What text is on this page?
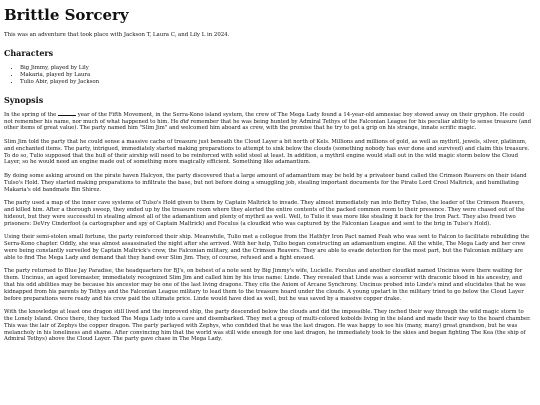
Brittle Sorcery

This was an adventure that took place with Jackson T, Laura C, and Lily L in 2024.

Characters
• Big Jimmy, played by Lily
• Makaria, played by Laura
• Tulio Abir, played by Jackson
Synopsis

In the spring of the	year of the Fifth Movement, in the Serra-Kono island system, the crew of The Mega Lady found a 14-year-old amnesiac boy stowed away on their gryphon. He could not remember his name, nor much of what happened to him. He did remember that he was being hunted by Admiral Tethys of the Falconian League for his peculiar ability to sense treasure (and other items of great value). The party named him "Slim Jim" and welcomed him aboard as crew, with the promise that he try to get a grip on his strange, innate scrific magic.

Slim Jim told the party that he could sense a massive cache of treasure just beneath the Cloud Layer a bit north of Kels. Millions and millions of gold, as well as mythril, jewels, silver, platinum, and enchanted items. The party, intrigued, immediately started making preparations to attempt to sink below the clouds (something nobody has ever done and survived) and claim this treasure. To do so, Tulio supposed that the hull of their airship will need to be reinforced with solid steel at least. In addition, a mythril engine would stall out in the wild magic storm below the Cloud Layer, so he would need an engine made out of something more magically efficient. Something like adamantium.

By doing some asking around on the pirate haven Halcyon, the party discovered that a large amount of adamantium may be held by a privateer band called the Crimson Reavers on their island Tulso's Hold. They started making preparations to infiltrate the base, but not before doing a smuggling job, stealing important documents for the Pirate Lord Creel Maltrick, and humiliating Makaria's old bandmate Bin Shirez.

The party used a map of the inner cave systems of Tulso's Hold given to them by Captain Maltrick to invade. They almost immediately ran into Beftry Tulso, the leader of the Crimson Reavers, and killed him. After a thorough sweep, they ended up by the treasure room where they alerted the entire contents of the packed common room to their presence. They were chased out of the hideout, but they were successful in stealing almost all of the adamantium and plenty of mythril as well. Well, to Tulio it was more like stealing it back for the Iron Pact. They also freed two prisoners: DeVry Cinderfoot (a cartographer and spy of Captain Maltrick) and Foculus (a cloudkid who was captured by the Falconian League and sent to the brig in Tulso's Hold).

Using their semi-stolen small fortune, the party reinforced their ship. Meanwhile, Tulio met a collegue from the Hathfyr Iron Pact named Feah who was sent to Falcon to facilitate rebuilding the Serra-Kono chapter. Oddly, she was almost assassinated the night after she arrived. With her help, Tulio began constructing an adamantium engine. All the while, The Mega Lady and her crew were being constantly surveiled by Captain Maltrick's crew, the Falconian military, and the Crimson Reavers. They are able to evade detection for the most part, but the Falconian military are able to find The Mega Lady and demand that they hand over Slim Jim. They, of course, refused and a fight ensued.

The party returned to Blue Jay Paradise, the headquarters for BJ's, on behest of a note sent by Big Jimmy's wife, Lucielle. Foculus and another cloudkid named Uncinus were there waiting for them. Uncinus, an aged loremaster, immediately recognized Slim Jim and called him by his true name: Linde. They revealed that Linde was a sorcerer with draconic blood in his ancestry, and that his odd abilities may be because his ancestor may be one of the last living dragons. They cite the Axiom of Arcane Synchrony. Uncinus probed into Linde's mind and elucidates that he was kidnapped from his parents by Tethys and the Falconian League military to lead them to the treasure hoard under the clouds. A young upstart in the military tried to go below the Cloud Layer before preparations were ready and his crew paid the ultimate price. Linde would have died as well, but he was saved by a massive copper drake.

With the knowledge at least one dragon still lived and the improved ship, the party descended below the clouds and did the impossible. They inched their way through the wild magic storm to the Lonely Island. Once there, they tucked The Mega Lady into a cave and disembarked. They met a group of multi-colored kobolds living in the island and made their way to the hoard chamber. This was the lair of Zephys the copper dragon. The party parlayed with Zephys, who confided that he was the last dragon. He was happy to see his (many, many) great grandson, but he was melancholy in his loneliness and shame. After convincing him that the world was still wide enough for one last dragon, he immediately took to the skies and began fighting The Kea (the ship of Admiral Tethys) above the Cloud Layer. The party gave chase in The Mega Lady.
